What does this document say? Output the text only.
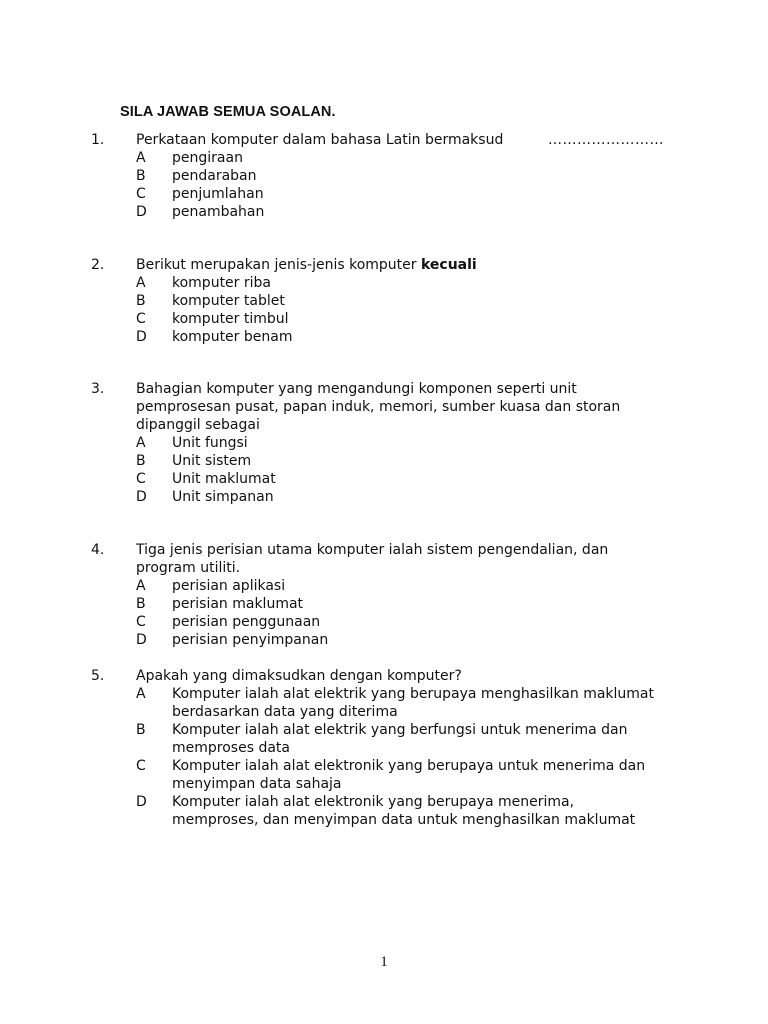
SILA JAWAB SEMUA SOALAN.
1. Perkataan komputer dalam bahasa Latin bermaksud	……………………
A pengiraan
B pendaraban
C penjumlahan
D penambahan
2. Berikut merupakan jenis-jenis komputer kecuali
A komputer riba
B komputer tablet
C komputer timbul
D komputer benam
3. Bahagian komputer yang mengandungi komponen seperti unit
pemprosesan pusat, papan induk, memori, sumber kuasa dan storan
dipanggil sebagai
A Unit fungsi
B Unit sistem
C Unit maklumat
D Unit simpanan
4. Tiga jenis perisian utama komputer ialah sistem pengendalian, dan
program utiliti.
A perisian aplikasi
B perisian maklumat
C perisian penggunaan
D perisian penyimpanan
5. Apakah yang dimaksudkan dengan komputer?
A Komputer ialah alat elektrik yang berupaya menghasilkan maklumat
berdasarkan data yang diterima
B Komputer ialah alat elektrik yang berfungsi untuk menerima dan
memproses data
C Komputer ialah alat elektronik yang berupaya untuk menerima dan
menyimpan data sahaja
D Komputer ialah alat elektronik yang berupaya menerima,
memproses, dan menyimpan data untuk menghasilkan maklumat
1
